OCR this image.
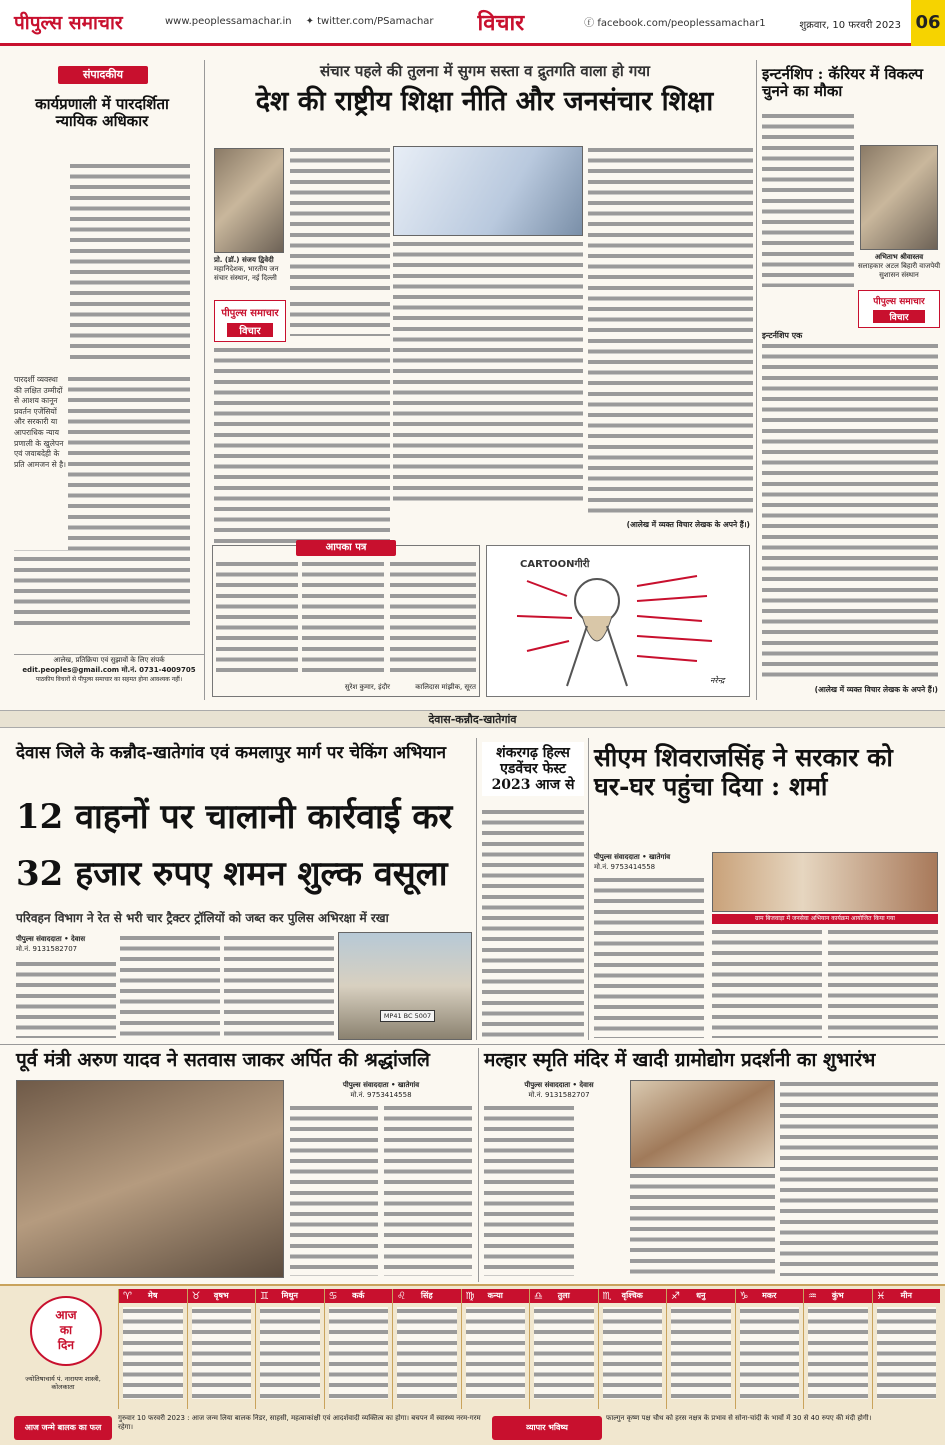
पीपुल्स समाचार	www.peoplessamachar.in ✦ twitter.com/PSamachar विचार	ⓕ facebook.com/peoplessamachar1	शुक्रवार, 10 फरवरी 2023 06
संपादकीय
कार्यप्रणाली में पारदर्शिता न्यायिक अधिकार
पारदर्शी व्यवस्था की लक्षित उम्मीदों से आशय कानून प्रवर्तन एजेंसियों और सरकारी या आपराधिक न्याय प्रणाली के खुलेपन एवं जवाबदेही के प्रति आमजन से है।
आलेख, प्रतिक्रिया एवं सुझावों के लिए संपर्क
edit.peoples@gmail.com मो.नं. 0731-4009705
पाठकीय विचारों से पीपुल्स समाचार का सहमत होना आवश्यक नहीं।
संचार पहले की तुलना में सुगम सस्ता व द्रुतगति वाला हो गया
देश की राष्ट्रीय शिक्षा नीति और जनसंचार शिक्षा
प्रो. (डॉ.) संजय द्विवेदी
महानिदेशक, भारतीय जन संचार संस्थान, नई दिल्ली
पीपुल्स समाचार
विचार
(आलेख में व्यक्त विचार लेखक के अपने हैं।)
आपका पत्र
सुरेश कुमार, इंदौर	कालिदास मांझीक, सूरत
CARTOONगीरी
नरेन्द्र
इन्टर्नशिप : कॅरियर में विकल्प चुनने का मौका
अभिताभ श्रीवास्तव
सलाहकार अटल बिहारी वाजपेयी सुशासन संस्थान
पीपुल्स समाचार
विचार
इन्टर्नशिप एक
(आलेख में व्यक्त विचार लेखक के अपने हैं।)
देवास-कन्नौद-खातेगांव
देवास जिले के कन्नौद-खातेगांव एवं कमलापुर मार्ग पर चेकिंग अभियान
12 वाहनों पर चालानी कार्रवाई कर
32 हजार रुपए शमन शुल्क वसूला
परिवहन विभाग ने रेत से भरी चार ट्रैक्टर ट्रॉलियों को जब्त कर पुलिस अभिरक्षा में रखा
पीपुल्स संवाददाता • देवास
मो.नं. 9131582707
MP41 BC 5007
शंकरगढ़ हिल्स एडवेंचर फेस्ट 2023 आज से
सीएम शिवराजसिंह ने सरकार को घर-घर पहुंचा दिया : शर्मा
पीपुल्स संवाददाता • खातेगांव
मो.नं. 9753414558
ग्राम बिजवाड़ा में जनसेवा अभियान कार्यक्रम आयोजित किया गया
पूर्व मंत्री अरुण यादव ने सतवास जाकर अर्पित की श्रद्धांजलि
पीपुल्स संवाददाता • खातेगांव
मो.नं. 9753414558
मल्हार स्मृति मंदिर में खादी ग्रामोद्योग प्रदर्शनी का शुभारंभ
पीपुल्स संवाददाता • देवास
मो.नं. 9131582707
आज
का
दिन
ज्योतिषाचार्य पं. नारायण शास्त्री, कोलकाता
♈ मेष	♉ वृषभ	♊ मिथुन	♋ कर्क	♌ सिंह	♍ कन्या	♎ तुला	♏ वृश्चिक	♐ धनु	♑ मकर	♒ कुंभ	♓ मीन
आज जन्मे बालक का फल
गुरुवार 10 फरवरी 2023 : आज जन्म लिया बालक निडर, साहसी, महत्वाकांक्षी एवं आदर्शवादी व्यक्तित्व का होगा। बचपन में स्वास्थ्य नरम-गरम रहेगा।	व्यापार भविष्य
फाल्गुन कृष्ण पक्ष चौथ को हरस नक्षत्र के प्रभाव से सोना-चांदी के भावों में 30 से 40 रुपए की मंदी होगी।
